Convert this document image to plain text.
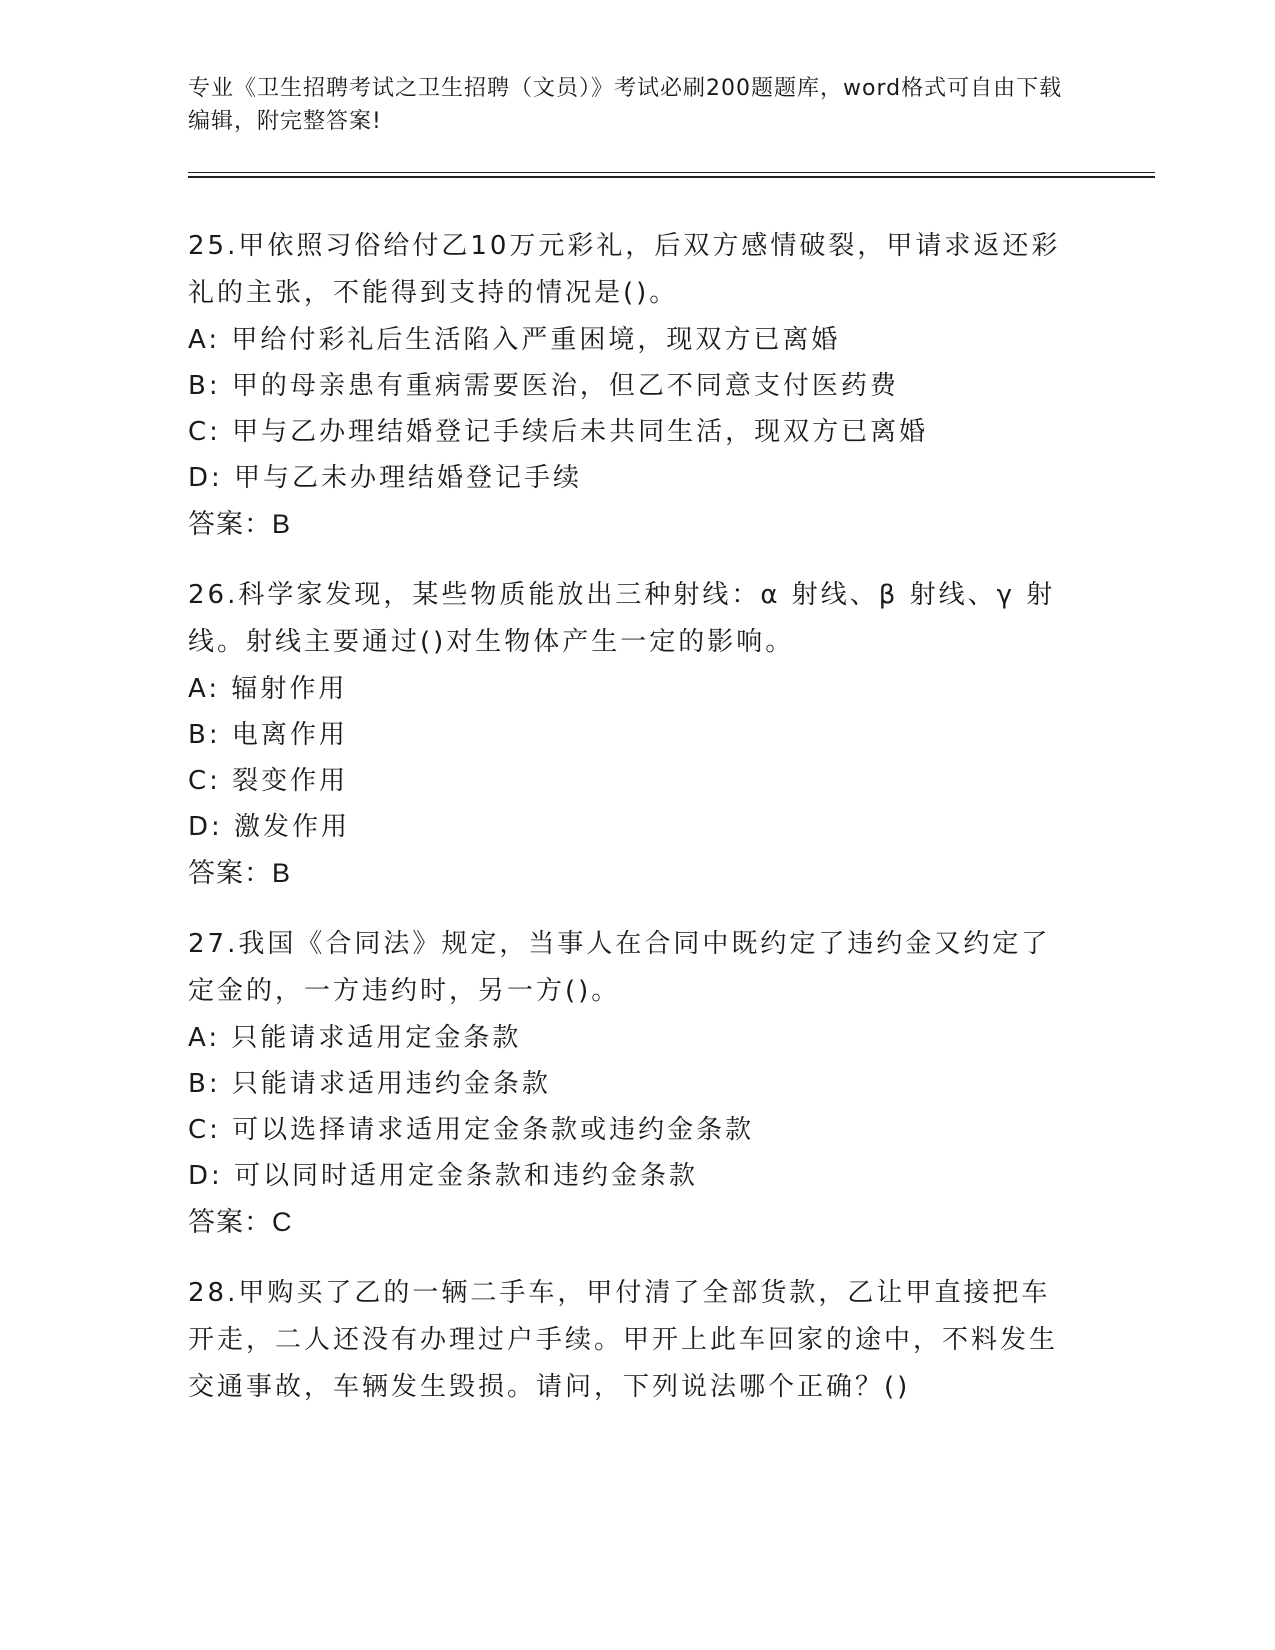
专业《卫生招聘考试之卫生招聘（文员）》考试必刷200题题库，word格式可自由下载编辑，附完整答案!

25.甲依照习俗给付乙10万元彩礼，后双方感情破裂，甲请求返还彩礼的主张，不能得到支持的情况是()。

A: 甲给付彩礼后生活陷入严重困境，现双方已离婚

B: 甲的母亲患有重病需要医治，但乙不同意支付医药费

C: 甲与乙办理结婚登记手续后未共同生活，现双方已离婚

D: 甲与乙未办理结婚登记手续

答案：B

26.科学家发现，某些物质能放出三种射线：α 射线、β 射线、γ 射线。射线主要通过()对生物体产生一定的影响。

A: 辐射作用

B: 电离作用

C: 裂变作用

D: 激发作用

答案：B

27.我国《合同法》规定，当事人在合同中既约定了违约金又约定了定金的，一方违约时，另一方()。

A: 只能请求适用定金条款

B: 只能请求适用违约金条款

C: 可以选择请求适用定金条款或违约金条款

D: 可以同时适用定金条款和违约金条款

答案：C

28.甲购买了乙的一辆二手车，甲付清了全部货款，乙让甲直接把车开走，二人还没有办理过户手续。甲开上此车回家的途中，不料发生交通事故，车辆发生毁损。请问，下列说法哪个正确？()
